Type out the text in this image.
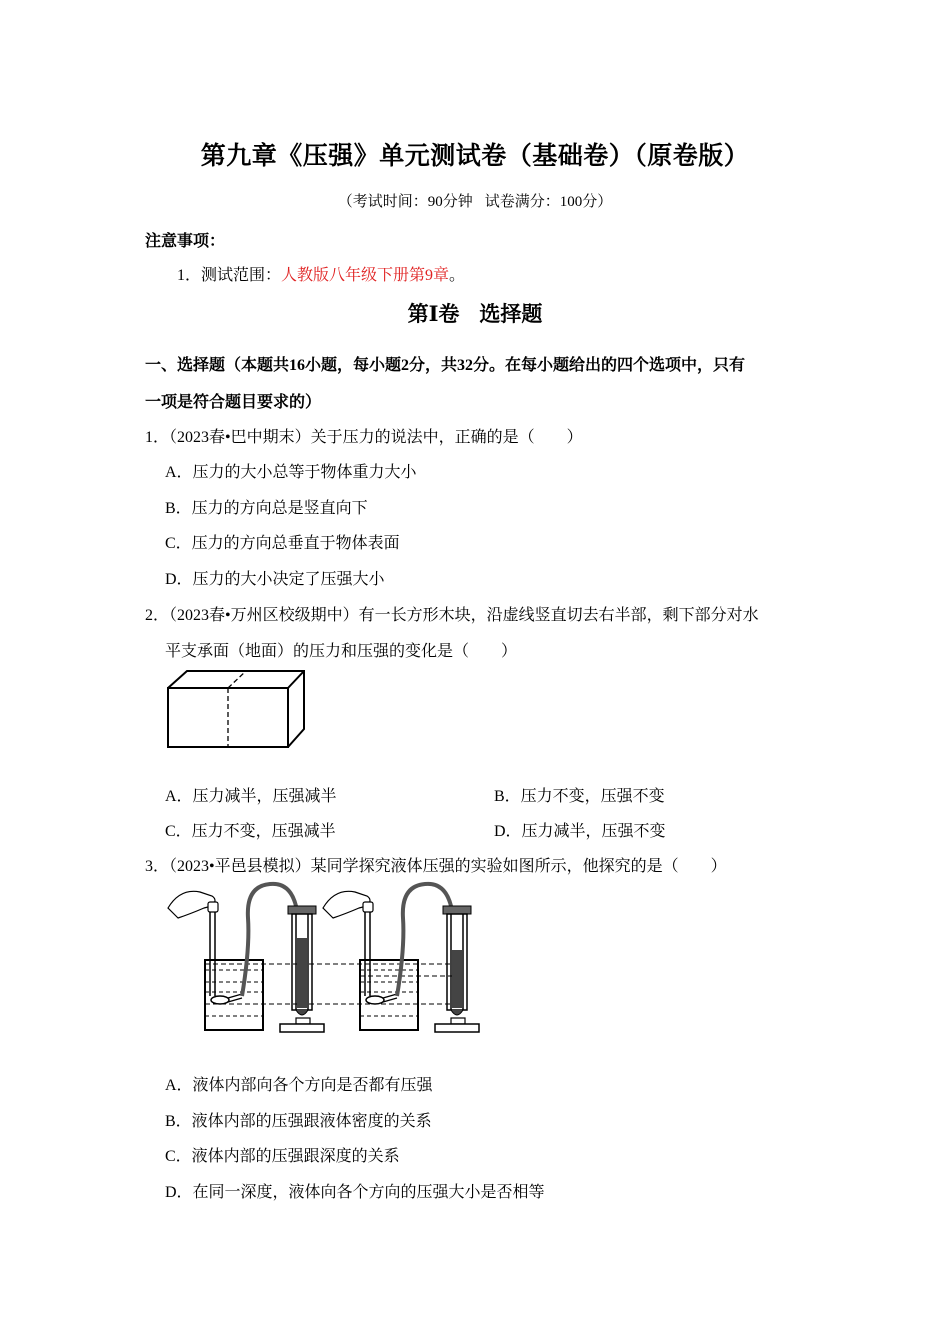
第九章《压强》单元测试卷（基础卷）（原卷版）
（考试时间：90分钟 试卷满分：100分）
注意事项：
1．测试范围：人教版八年级下册第9章。
第Ⅰ卷 选择题
一、选择题（本题共16小题，每小题2分，共32分。在每小题给出的四个选项中，只有
一项是符合题目要求的）
1．（2023春•巴中期末）关于压力的说法中，正确的是（　　）
A．压力的大小总等于物体重力大小
B．压力的方向总是竖直向下
C．压力的方向总垂直于物体表面
D．压力的大小决定了压强大小
2．（2023春•万州区校级期中）有一长方形木块，沿虚线竖直切去右半部，剩下部分对水
平支承面（地面）的压力和压强的变化是（　　）
A．压力减半，压强减半	B．压力不变，压强不变
C．压力不变，压强减半	D．压力减半，压强不变
3．（2023•平邑县模拟）某同学探究液体压强的实验如图所示，他探究的是（　　）
A．液体内部向各个方向是否都有压强
B．液体内部的压强跟液体密度的关系
C．液体内部的压强跟深度的关系
D．在同一深度，液体向各个方向的压强大小是否相等
